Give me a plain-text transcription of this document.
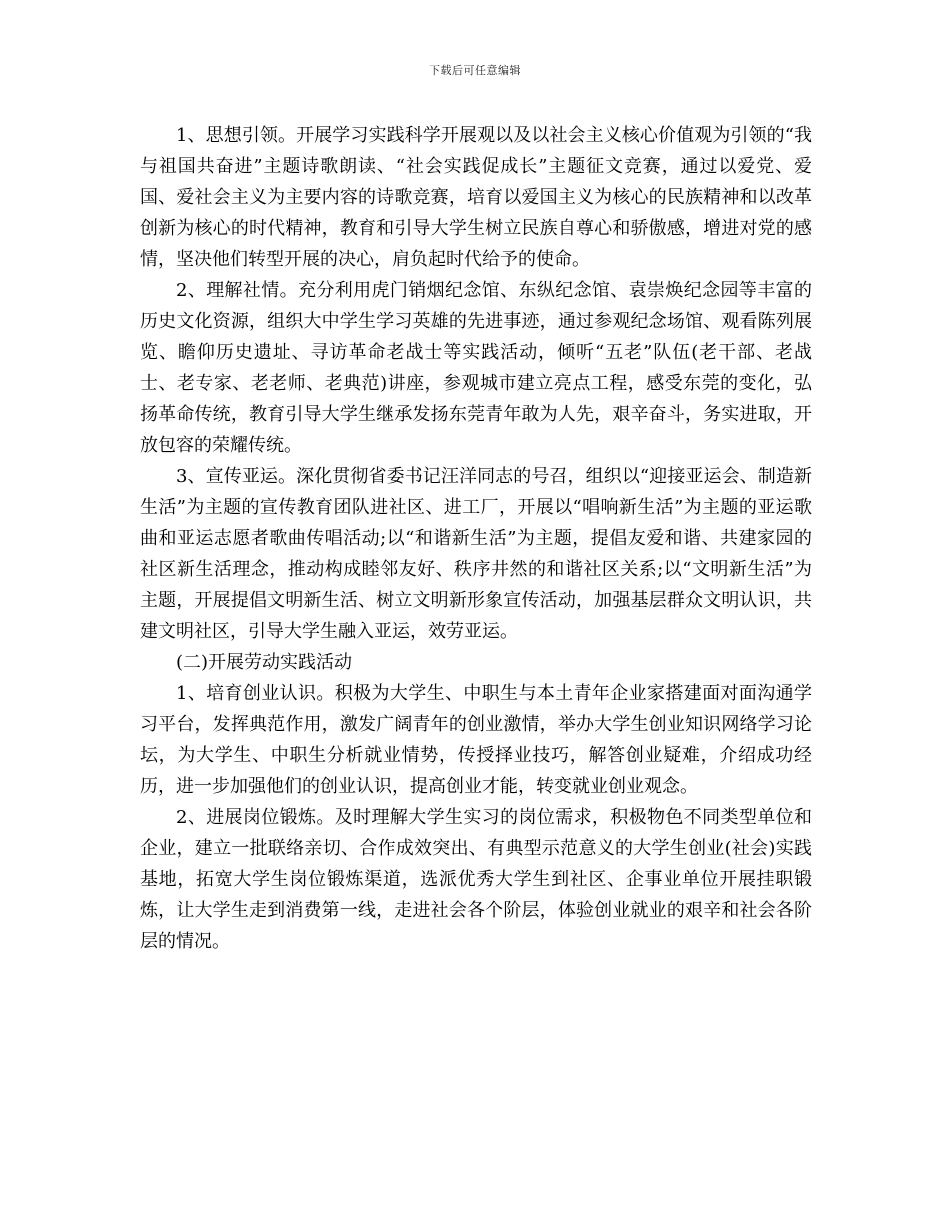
下载后可任意编辑

1、思想引领。开展学习实践科学开展观以及以社会主义核心价值观为引领的“我与祖国共奋进”主题诗歌朗读、“社会实践促成长”主题征文竞赛，通过以爱党、爱国、爱社会主义为主要内容的诗歌竞赛，培育以爱国主义为核心的民族精神和以改革创新为核心的时代精神，教育和引导大学生树立民族自尊心和骄傲感，增进对党的感情，坚决他们转型开展的决心，肩负起时代给予的使命。

2、理解社情。充分利用虎门销烟纪念馆、东纵纪念馆、袁崇焕纪念园等丰富的历史文化资源，组织大中学生学习英雄的先进事迹，通过参观纪念场馆、观看陈列展览、瞻仰历史遗址、寻访革命老战士等实践活动，倾听“五老”队伍(老干部、老战士、老专家、老老师、老典范)讲座，参观城市建立亮点工程，感受东莞的变化，弘扬革命传统，教育引导大学生继承发扬东莞青年敢为人先，艰辛奋斗，务实进取，开放包容的荣耀传统。

3、宣传亚运。深化贯彻省委书记汪洋同志的号召，组织以“迎接亚运会、制造新生活”为主题的宣传教育团队进社区、进工厂，开展以“唱响新生活”为主题的亚运歌曲和亚运志愿者歌曲传唱活动;以“和谐新生活”为主题，提倡友爱和谐、共建家园的社区新生活理念，推动构成睦邻友好、秩序井然的和谐社区关系;以“文明新生活”为主题，开展提倡文明新生活、树立文明新形象宣传活动，加强基层群众文明认识，共建文明社区，引导大学生融入亚运，效劳亚运。

(二)开展劳动实践活动

1、培育创业认识。积极为大学生、中职生与本土青年企业家搭建面对面沟通学习平台，发挥典范作用，激发广阔青年的创业激情，举办大学生创业知识网络学习论坛，为大学生、中职生分析就业情势，传授择业技巧，解答创业疑难，介绍成功经历，进一步加强他们的创业认识，提高创业才能，转变就业创业观念。

2、进展岗位锻炼。及时理解大学生实习的岗位需求，积极物色不同类型单位和企业，建立一批联络亲切、合作成效突出、有典型示范意义的大学生创业(社会)实践基地，拓宽大学生岗位锻炼渠道，选派优秀大学生到社区、企事业单位开展挂职锻炼，让大学生走到消费第一线，走进社会各个阶层，体验创业就业的艰辛和社会各阶层的情况。
